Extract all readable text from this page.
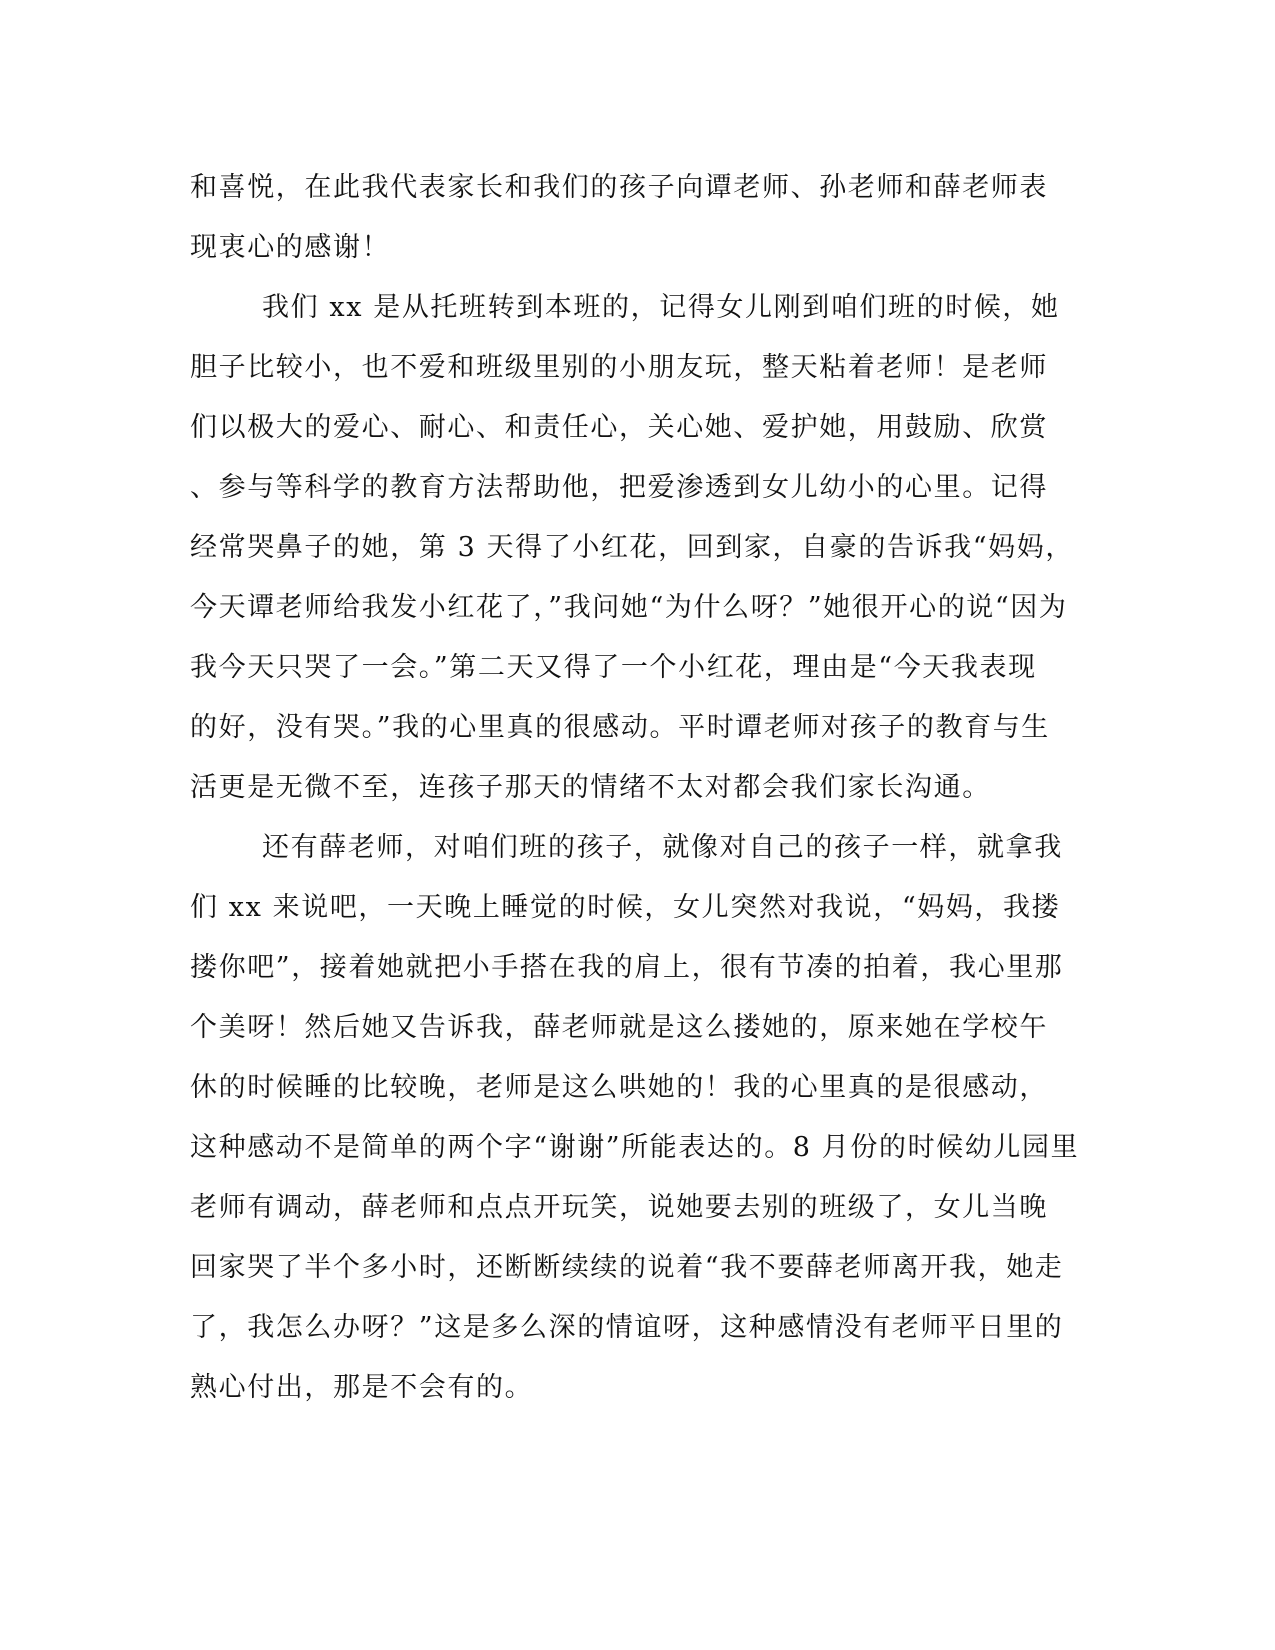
和喜悦，在此我代表家长和我们的孩子向谭老师、孙老师和薛老师表
现衷心的感谢！
我们 xx 是从托班转到本班的，记得女儿刚到咱们班的时候，她
胆子比较小，也不爱和班级里别的小朋友玩，整天粘着老师！是老师
们以极大的爱心、耐心、和责任心，关心她、爱护她，用鼓励、欣赏
、参与等科学的教育方法帮助他，把爱渗透到女儿幼小的心里。记得
经常哭鼻子的她，第 3 天得了小红花，回到家，自豪的告诉我“妈妈，
今天谭老师给我发小红花了，”我问她“为什么呀？”她很开心的说“因为
我今天只哭了一会。”第二天又得了一个小红花，理由是“今天我表现
的好，没有哭。”我的心里真的很感动。平时谭老师对孩子的教育与生
活更是无微不至，连孩子那天的情绪不太对都会我们家长沟通。
还有薛老师，对咱们班的孩子，就像对自己的孩子一样，就拿我
们 xx 来说吧，一天晚上睡觉的时候，女儿突然对我说，“妈妈，我搂
搂你吧”，接着她就把小手搭在我的肩上，很有节凑的拍着，我心里那
个美呀！然后她又告诉我，薛老师就是这么搂她的，原来她在学校午
休的时候睡的比较晚，老师是这么哄她的！我的心里真的是很感动，
这种感动不是简单的两个字“谢谢”所能表达的。8 月份的时候幼儿园里
老师有调动，薛老师和点点开玩笑，说她要去别的班级了，女儿当晚
回家哭了半个多小时，还断断续续的说着“我不要薛老师离开我，她走
了，我怎么办呀？”这是多么深的情谊呀，这种感情没有老师平日里的
熟心付出，那是不会有的。
